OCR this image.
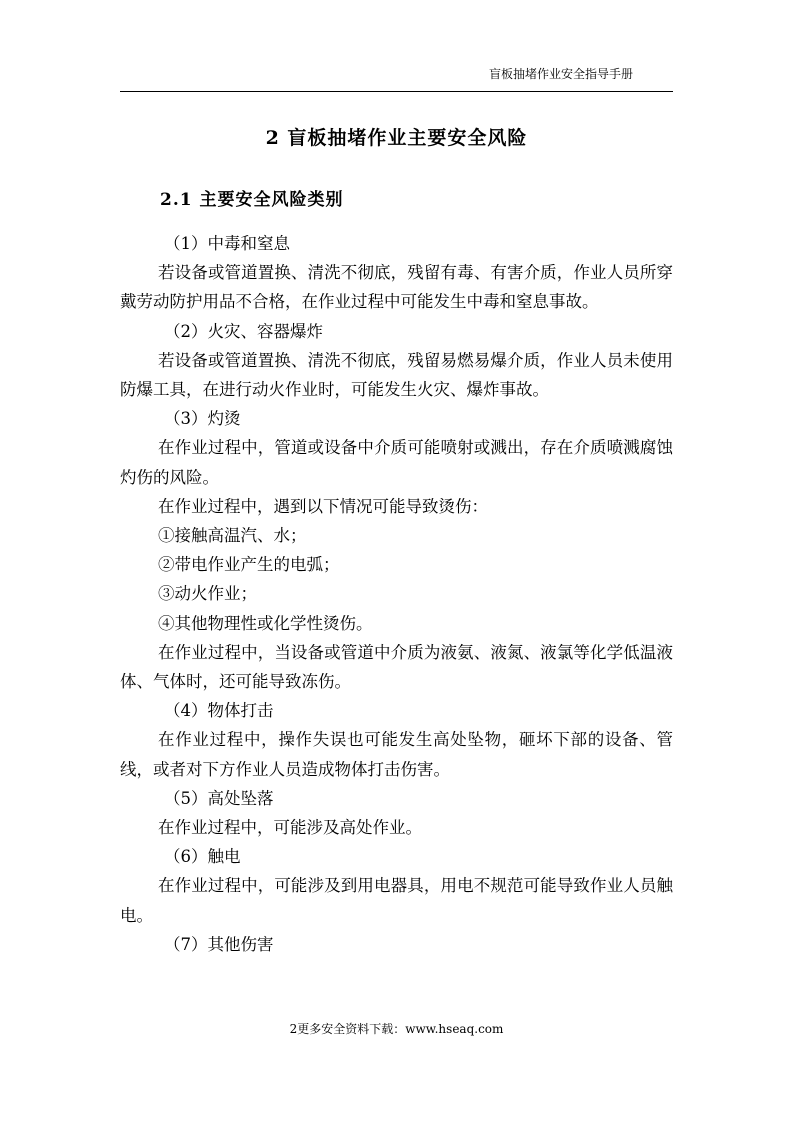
盲板抽堵作业安全指导手册
2 盲板抽堵作业主要安全风险
2.1 主要安全风险类别

（1）中毒和窒息

若设备或管道置换、清洗不彻底，残留有毒、有害介质，作业人员所穿戴劳动防护用品不合格，在作业过程中可能发生中毒和窒息事故。

（2）火灾、容器爆炸

若设备或管道置换、清洗不彻底，残留易燃易爆介质，作业人员未使用防爆工具，在进行动火作业时，可能发生火灾、爆炸事故。

（3）灼烫

在作业过程中，管道或设备中介质可能喷射或溅出，存在介质喷溅腐蚀灼伤的风险。

在作业过程中，遇到以下情况可能导致烫伤：

①接触高温汽、水；

②带电作业产生的电弧；

③动火作业；

④其他物理性或化学性烫伤。

在作业过程中，当设备或管道中介质为液氨、液氮、液氯等化学低温液体、气体时，还可能导致冻伤。

（4）物体打击

在作业过程中，操作失误也可能发生高处坠物，砸坏下部的设备、管线，或者对下方作业人员造成物体打击伤害。

（5）高处坠落

在作业过程中，可能涉及高处作业。

（6）触电

在作业过程中，可能涉及到用电器具，用电不规范可能导致作业人员触电。

（7）其他伤害

2更多安全资料下载：www.hseaq.com
